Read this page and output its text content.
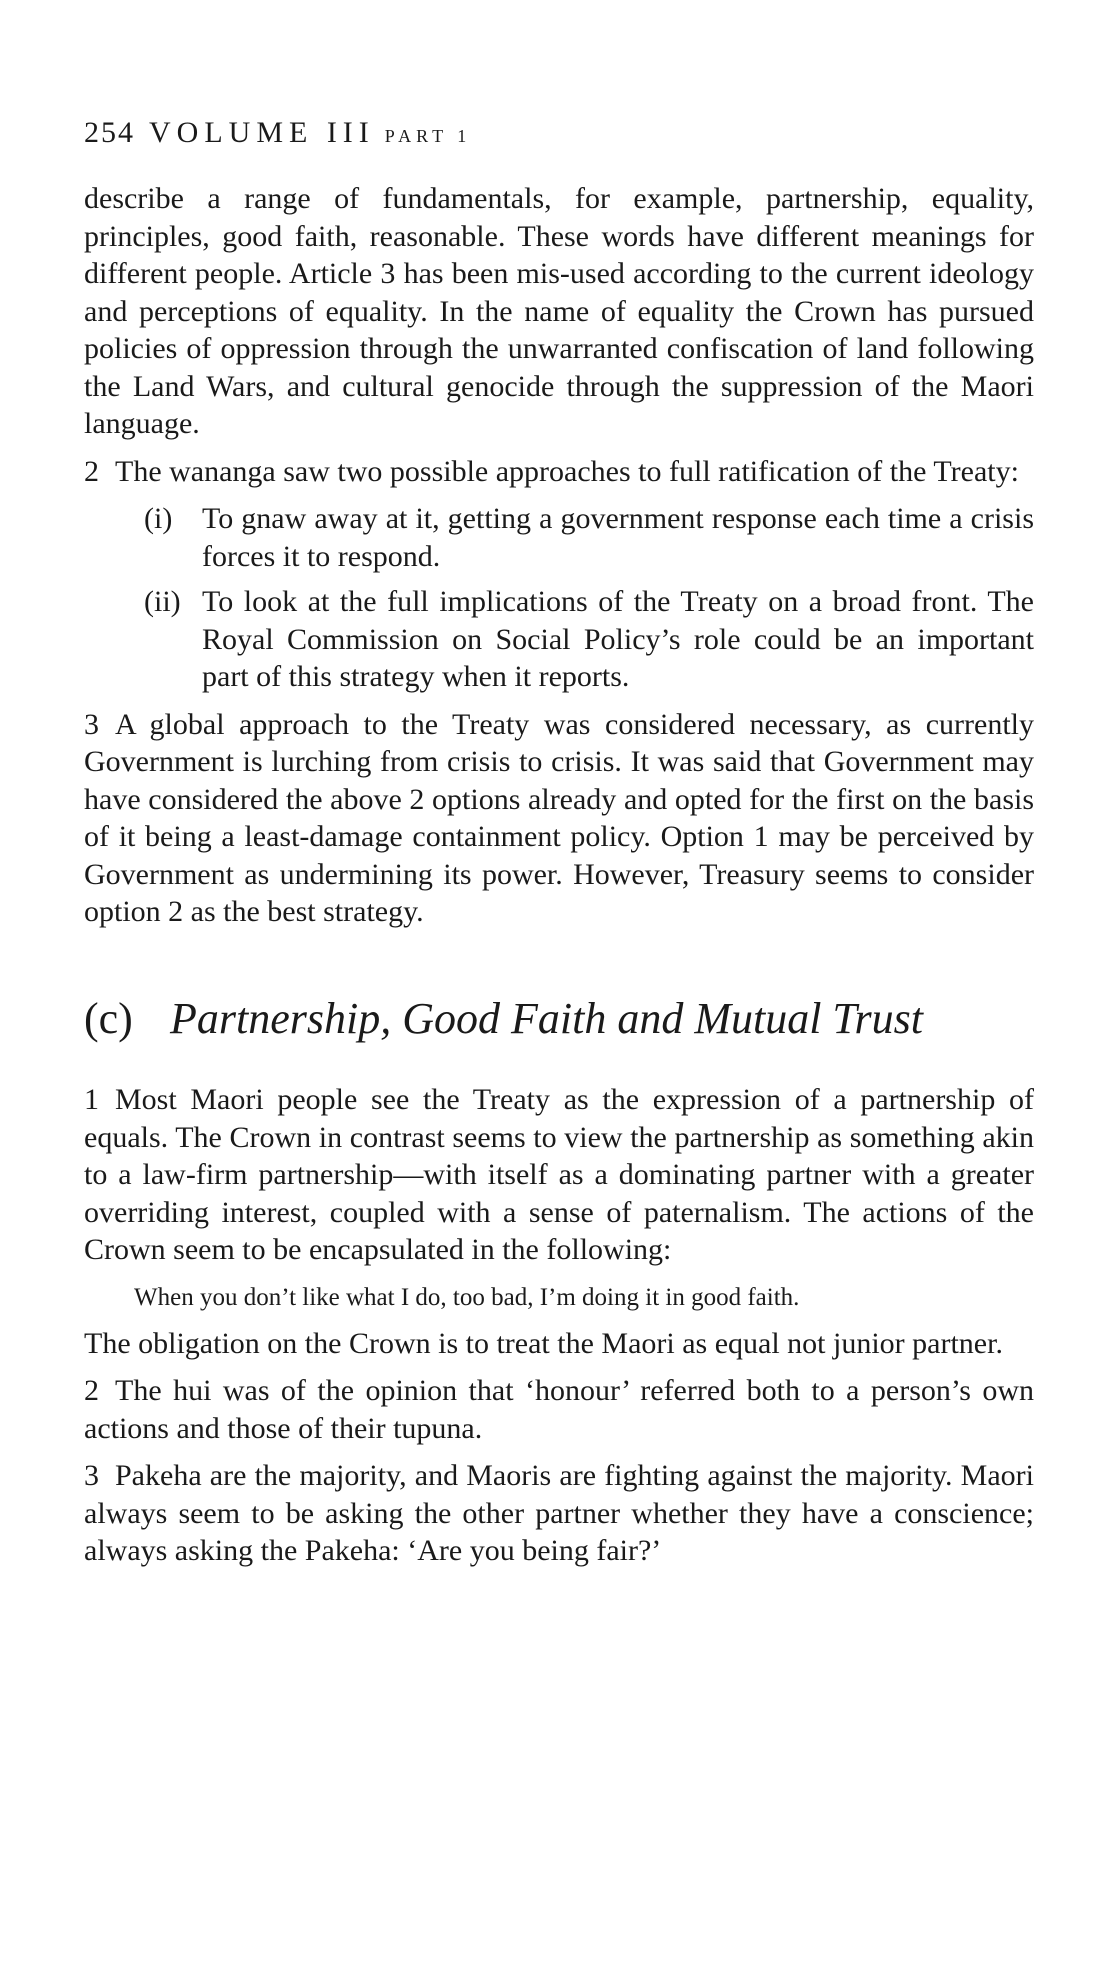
254 VOLUME III PART 1

describe a range of fundamentals, for example, partnership, equality, principles, good faith, reasonable. These words have different meanings for different people. Article 3 has been mis-used according to the current ideology and perceptions of equality. In the name of equality the Crown has pursued policies of oppression through the unwarranted confiscation of land following the Land Wars, and cultural genocide through the suppression of the Maori language.

2 The wananga saw two possible approaches to full ratification of the Treaty:

(i) To gnaw away at it, getting a government response each time a crisis forces it to respond.
(ii) To look at the full implications of the Treaty on a broad front. The Royal Commission on Social Policy’s role could be an important part of this strategy when it reports.

3 A global approach to the Treaty was considered necessary, as currently Government is lurching from crisis to crisis. It was said that Government may have considered the above 2 options already and opted for the first on the basis of it being a least-damage containment policy. Option 1 may be perceived by Government as undermining its power. However, Treasury seems to consider option 2 as the best strategy.

(c) Partnership, Good Faith and Mutual Trust

1 Most Maori people see the Treaty as the expression of a partnership of equals. The Crown in contrast seems to view the partnership as something akin to a law-firm partnership—with itself as a dominating partner with a greater overriding interest, coupled with a sense of paternalism. The actions of the Crown seem to be encapsulated in the following:

When you don’t like what I do, too bad, I’m doing it in good faith.

The obligation on the Crown is to treat the Maori as equal not junior partner.

2 The hui was of the opinion that ‘honour’ referred both to a person’s own actions and those of their tupuna.

3 Pakeha are the majority, and Maoris are fighting against the majority. Maori always seem to be asking the other partner whether they have a conscience; always asking the Pakeha: ‘Are you being fair?’
